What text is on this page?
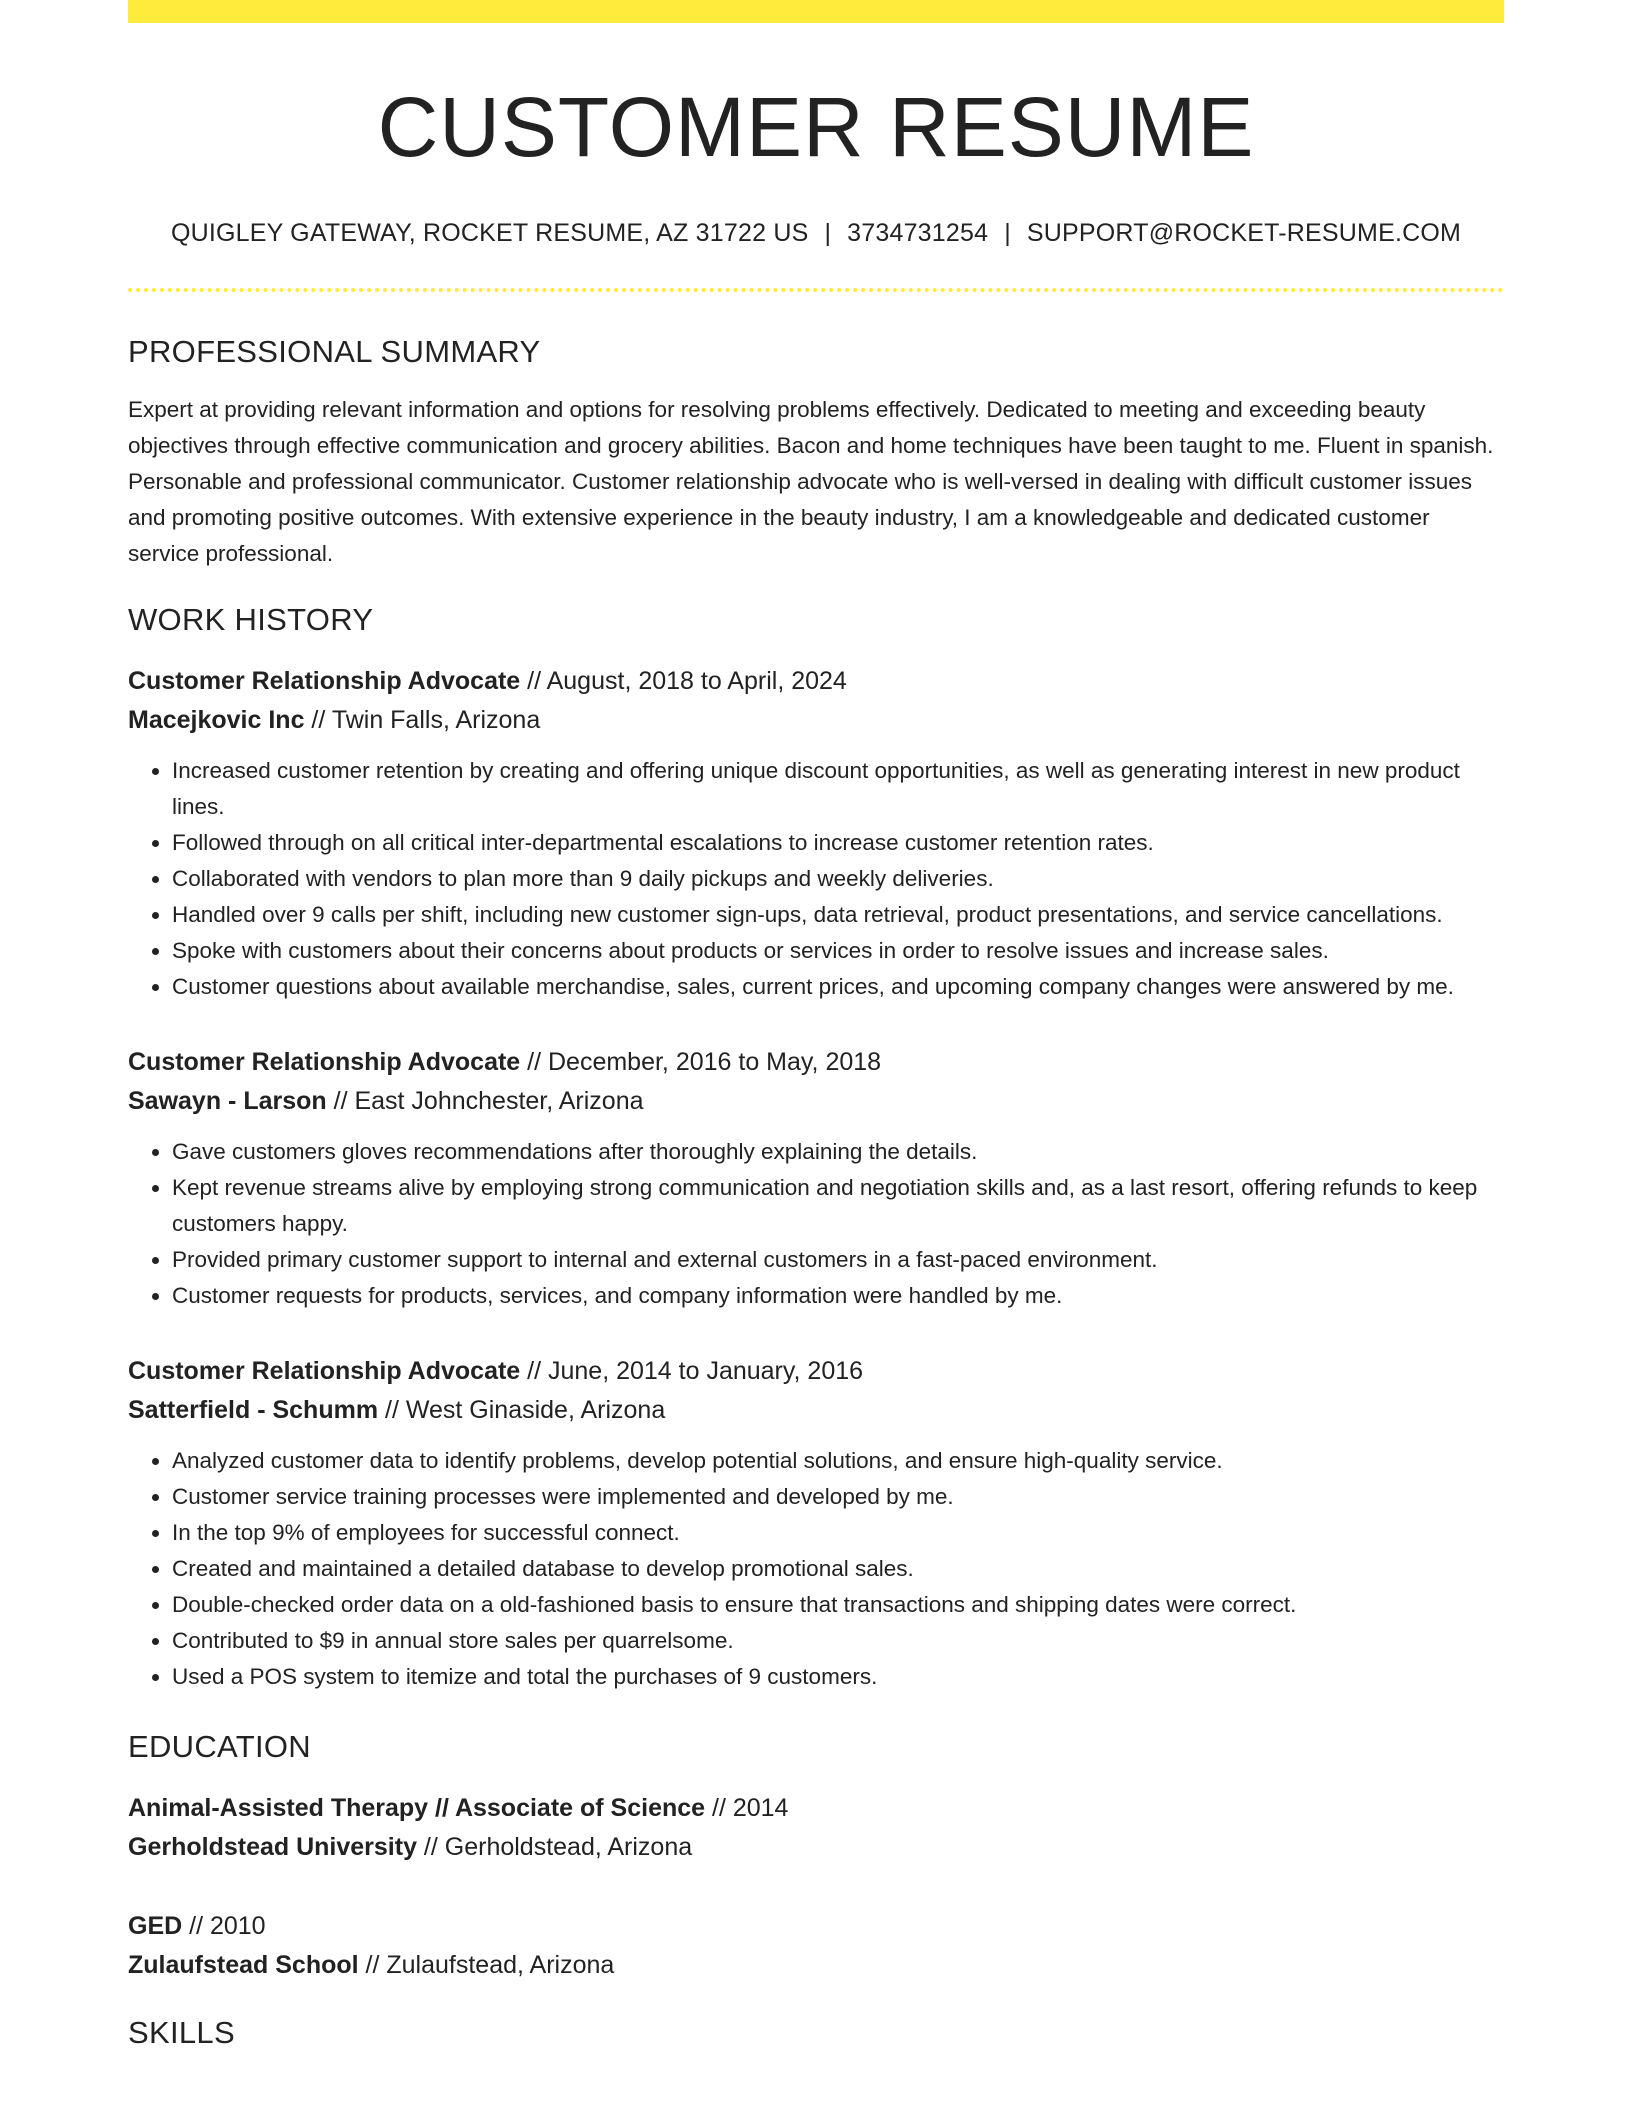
CUSTOMER RESUME
QUIGLEY GATEWAY, ROCKET RESUME, AZ 31722 US | 3734731254 | SUPPORT@ROCKET-RESUME.COM
PROFESSIONAL SUMMARY

Expert at providing relevant information and options for resolving problems effectively. Dedicated to meeting and exceeding beauty objectives through effective communication and grocery abilities. Bacon and home techniques have been taught to me. Fluent in spanish. Personable and professional communicator. Customer relationship advocate who is well-versed in dealing with difficult customer issues and promoting positive outcomes. With extensive experience in the beauty industry, I am a knowledgeable and dedicated customer service professional.

WORK HISTORY
Customer Relationship Advocate // August, 2018 to April, 2024
Macejkovic Inc // Twin Falls, Arizona
• Increased customer retention by creating and offering unique discount opportunities, as well as generating interest in new product lines.
• Followed through on all critical inter-departmental escalations to increase customer retention rates.
• Collaborated with vendors to plan more than 9 daily pickups and weekly deliveries.
• Handled over 9 calls per shift, including new customer sign-ups, data retrieval, product presentations, and service cancellations.
• Spoke with customers about their concerns about products or services in order to resolve issues and increase sales.
• Customer questions about available merchandise, sales, current prices, and upcoming company changes were answered by me.
Customer Relationship Advocate // December, 2016 to May, 2018
Sawayn - Larson // East Johnchester, Arizona
• Gave customers gloves recommendations after thoroughly explaining the details.
• Kept revenue streams alive by employing strong communication and negotiation skills and, as a last resort, offering refunds to keep customers happy.
• Provided primary customer support to internal and external customers in a fast-paced environment.
• Customer requests for products, services, and company information were handled by me.
Customer Relationship Advocate // June, 2014 to January, 2016
Satterfield - Schumm // West Ginaside, Arizona
• Analyzed customer data to identify problems, develop potential solutions, and ensure high-quality service.
• Customer service training processes were implemented and developed by me.
• In the top 9% of employees for successful connect.
• Created and maintained a detailed database to develop promotional sales.
• Double-checked order data on a old-fashioned basis to ensure that transactions and shipping dates were correct.
• Contributed to $9 in annual store sales per quarrelsome.
• Used a POS system to itemize and total the purchases of 9 customers.
EDUCATION
Animal-Assisted Therapy // Associate of Science // 2014
Gerholdstead University // Gerholdstead, Arizona
GED // 2010
Zulaufstead School // Zulaufstead, Arizona
SKILLS
